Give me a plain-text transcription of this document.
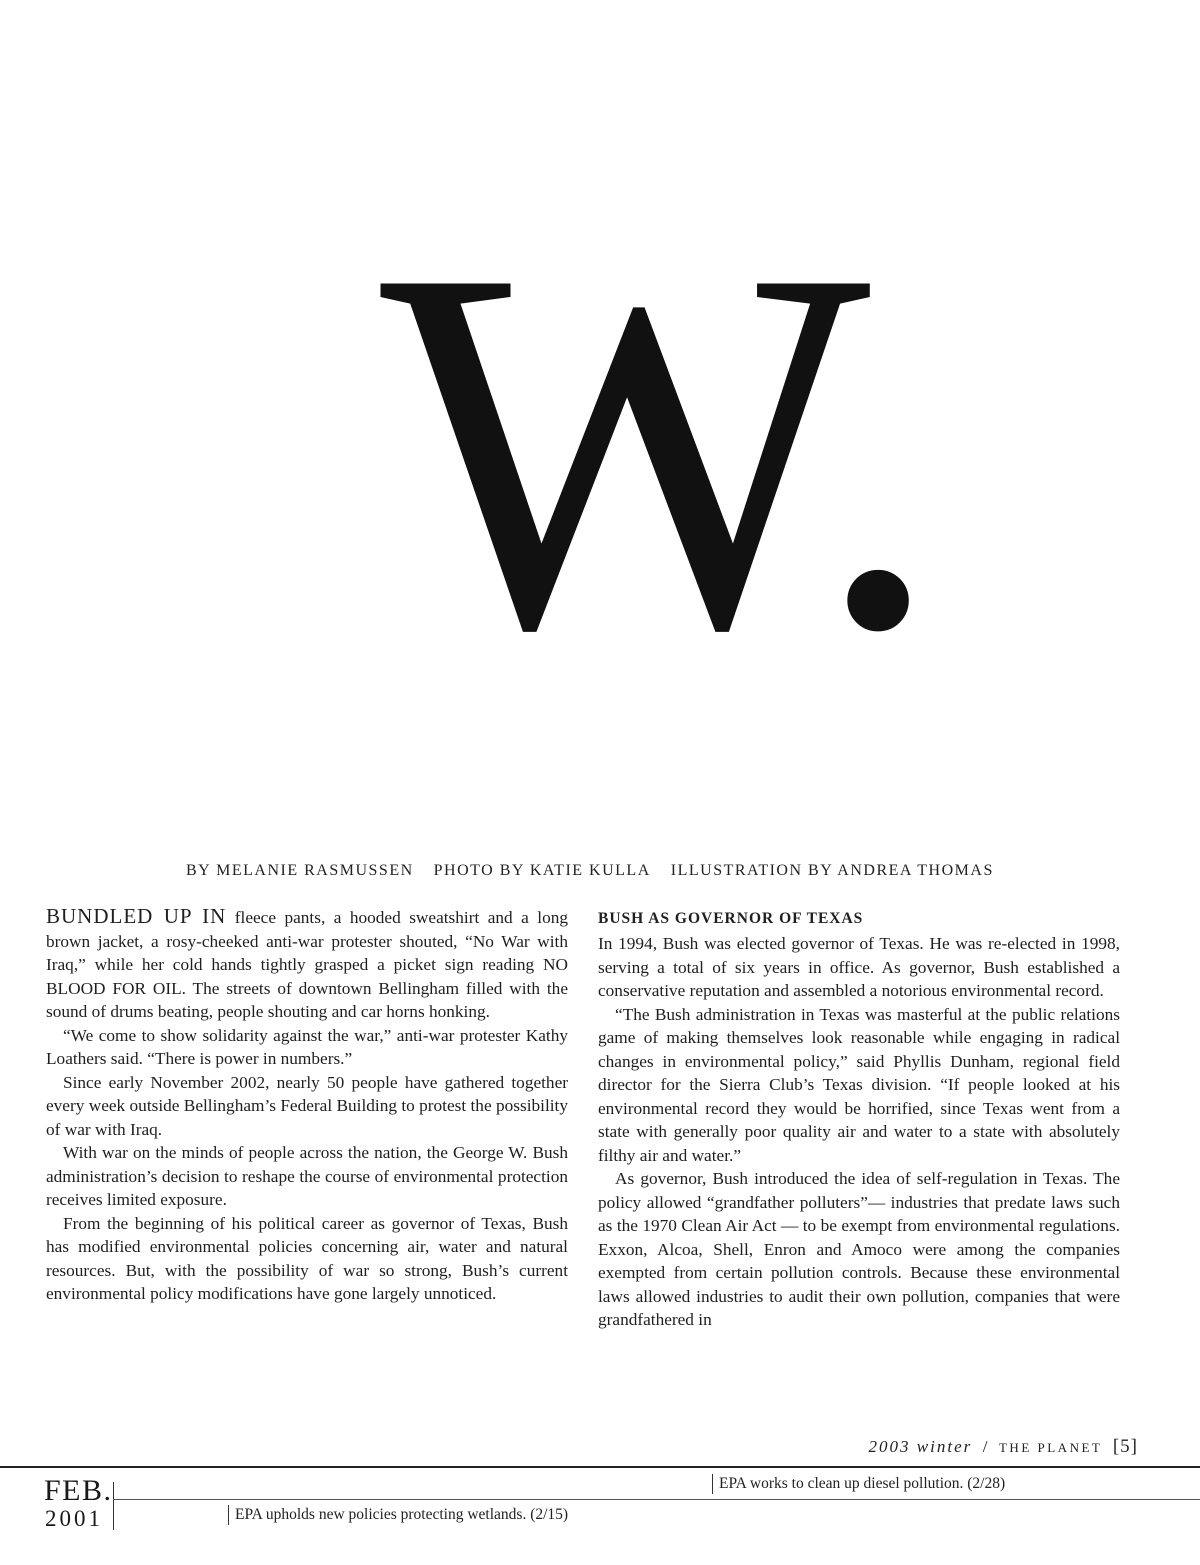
W.
BY MELANIE RASMUSSEN PHOTO BY KATIE KULLA ILLUSTRATION BY ANDREA THOMAS

BUNDLED UP IN fleece pants, a hooded sweatshirt and a long brown jacket, a rosy-cheeked anti-war protester shouted, “No War with Iraq,” while her cold hands tightly grasped a picket sign reading NO BLOOD FOR OIL. The streets of downtown Bellingham filled with the sound of drums beating, people shouting and car horns honking.

“We come to show solidarity against the war,” anti-war protester Kathy Loathers said. “There is power in numbers.”

Since early November 2002, nearly 50 people have gathered together every week outside Bellingham’s Federal Building to protest the possibility of war with Iraq.

With war on the minds of people across the nation, the George W. Bush administration’s decision to reshape the course of environmental protection receives limited exposure.

From the beginning of his political career as governor of Texas, Bush has modified environmental policies concerning air, water and natural resources. But, with the possibility of war so strong, Bush’s current environmental policy modifications have gone largely unnoticed.

BUSH AS GOVERNOR OF TEXAS

In 1994, Bush was elected governor of Texas. He was re-elected in 1998, serving a total of six years in office. As governor, Bush established a conservative reputation and assembled a notorious environmental record.

“The Bush administration in Texas was masterful at the public relations game of making themselves look reasonable while engaging in radical changes in environmental policy,” said Phyllis Dunham, regional field director for the Sierra Club’s Texas division. “If people looked at his environmental record they would be horrified, since Texas went from a state with generally poor quality air and water to a state with absolutely filthy air and water.”

As governor, Bush introduced the idea of self-regulation in Texas. The policy allowed “grandfather polluters”— industries that predate laws such as the 1970 Clean Air Act — to be exempt from environmental regulations. Exxon, Alcoa, Shell, Enron and Amoco were among the companies exempted from certain pollution controls. Because these environmental laws allowed industries to audit their own pollution, companies that were grandfathered in

2003 winter / THE PLANET [5]
FEB.
2001	EPA upholds new policies protecting wetlands. (2/15)
EPA works to clean up diesel pollution. (2/28)
